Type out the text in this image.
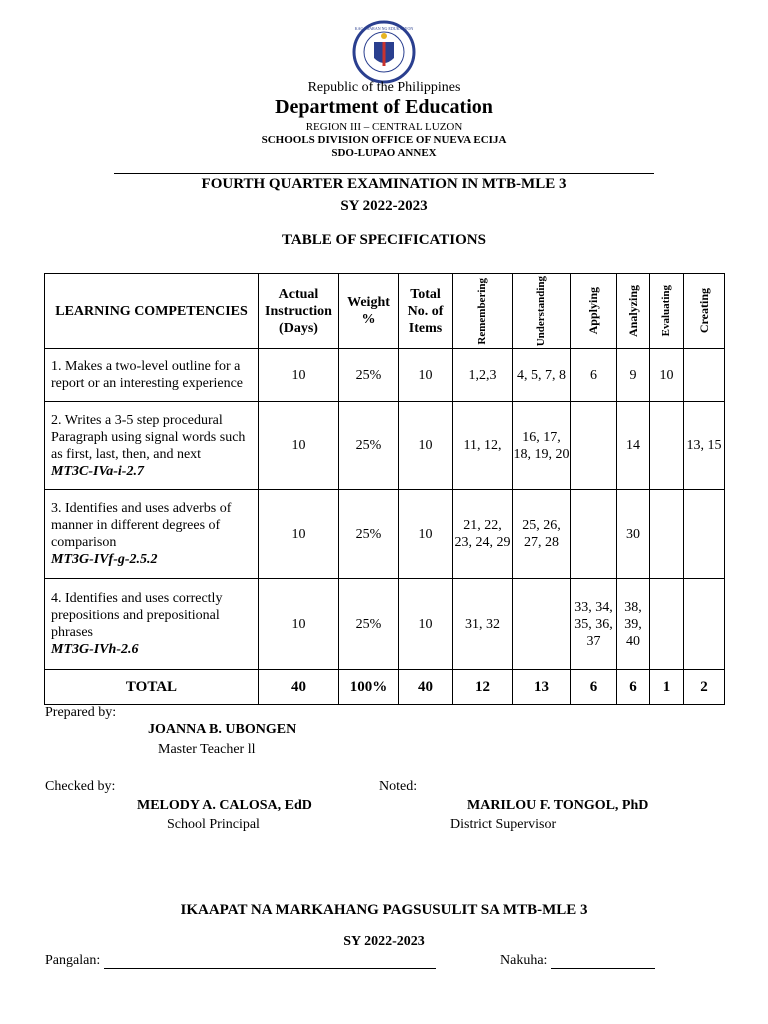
KAGAWARAN NG EDUKASYON
Republic of the Philippines
Department of Education
REGION III – CENTRAL LUZON
SCHOOLS DIVISION OFFICE OF NUEVA ECIJA
SDO-LUPAO ANNEX
FOURTH QUARTER EXAMINATION IN MTB-MLE 3
SY 2022-2023
TABLE OF SPECIFICATIONS
LEARNING COMPETENCIES	Actual Instruction (Days)	Weight %	Total No. of Items	Remembering	Understanding	Applying	Analyzing	Evaluating	Creating

1. Makes a two-level outline for a report or an interesting experience	10	25%	10	1,2,3	4, 5, 7, 8	6	9	10	
2. Writes a 3-5 step procedural Paragraph using signal words such as first, last, then, and next
MT3C-IVa-i-2.7	10	25%	10	11, 12,	16, 17, 18, 19, 20		14		13, 15
3. Identifies and uses adverbs of manner in different degrees of comparison
MT3G-IVf-g-2.5.2	10	25%	10	21, 22, 23, 24, 29	25, 26, 27, 28		30		
4. Identifies and uses correctly prepositions and prepositional phrases
MT3G-IVh-2.6	10	25%	10	31, 32		33, 34, 35, 36, 37	38, 39, 40		
TOTAL	40	100%	40	12	13	6	6	1	2
Prepared by:
JOANNA B. UBONGEN
Master Teacher ll
Checked by:	Noted:
MELODY A. CALOSA, EdD	MARILOU F. TONGOL, PhD
School Principal	District Supervisor
IKAAPAT NA MARKAHANG PAGSUSULIT SA MTB-MLE 3
SY 2022-2023
Pangalan:	Nakuha:
